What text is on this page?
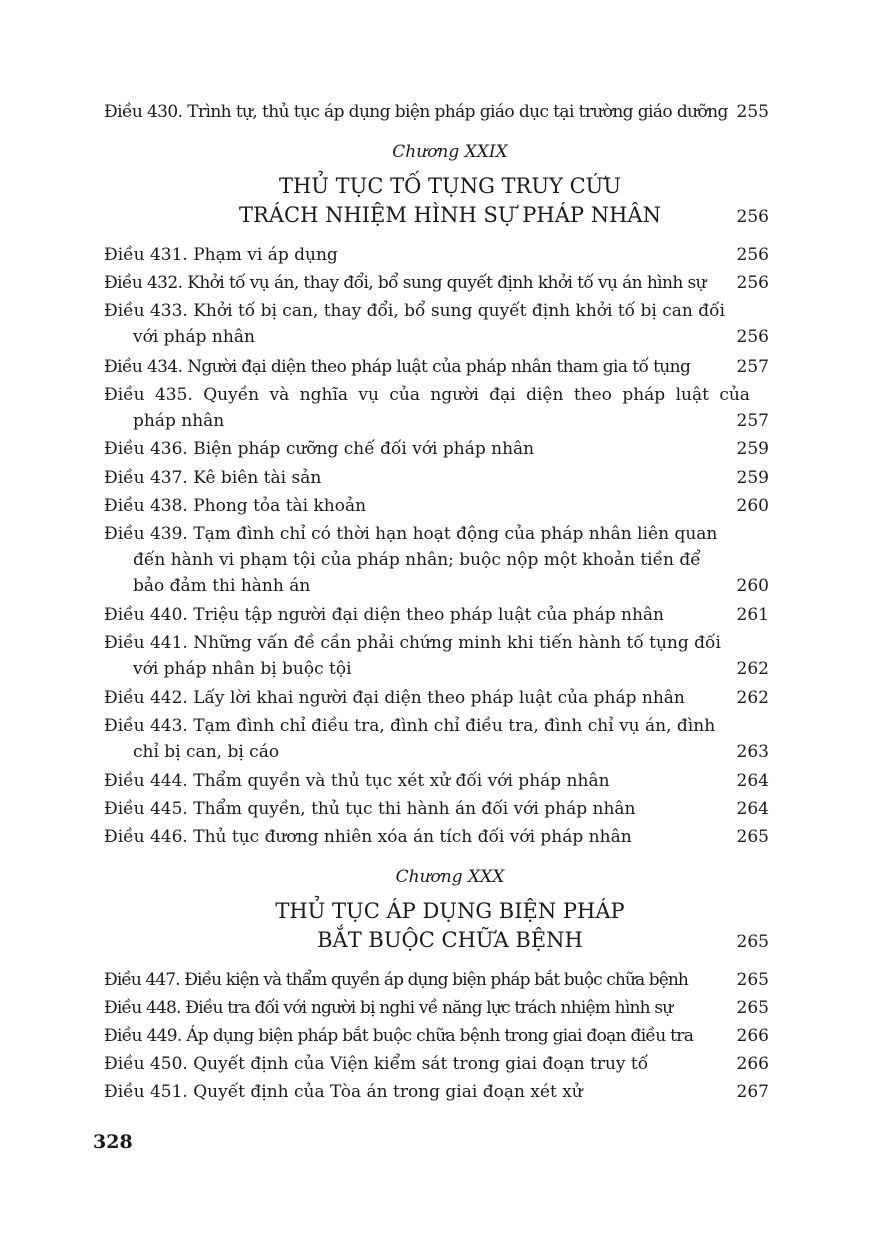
Điều 430. Trình tự, thủ tục áp dụng biện pháp giáo dục tại trường giáo dưỡng 255
Chương XXIX
THỦ TỤC TỐ TỤNG TRUY CỨU
TRÁCH NHIỆM HÌNH SỰ PHÁP NHÂN	256
Điều 431. Phạm vi áp dụng	256
Điều 432. Khởi tố vụ án, thay đổi, bổ sung quyết định khởi tố vụ án hình sự	256
Điều 433. Khởi tố bị can, thay đổi, bổ sung quyết định khởi tố bị can đối
với pháp nhân	256
Điều 434. Người đại diện theo pháp luật của pháp nhân tham gia tố tụng	257
Điều 435. Quyền và nghĩa vụ của người đại diện theo pháp luật của
pháp nhân	257
Điều 436. Biện pháp cưỡng chế đối với pháp nhân	259
Điều 437. Kê biên tài sản	259
Điều 438. Phong tỏa tài khoản	260
Điều 439. Tạm đình chỉ có thời hạn hoạt động của pháp nhân liên quan
đến hành vi phạm tội của pháp nhân; buộc nộp một khoản tiền để
bảo đảm thi hành án	260
Điều 440. Triệu tập người đại diện theo pháp luật của pháp nhân	261
Điều 441. Những vấn đề cần phải chứng minh khi tiến hành tố tụng đối
với pháp nhân bị buộc tội	262
Điều 442. Lấy lời khai người đại diện theo pháp luật của pháp nhân	262
Điều 443. Tạm đình chỉ điều tra, đình chỉ điều tra, đình chỉ vụ án, đình
chỉ bị can, bị cáo	263
Điều 444. Thẩm quyền và thủ tục xét xử đối với pháp nhân	264
Điều 445. Thẩm quyền, thủ tục thi hành án đối với pháp nhân	264
Điều 446. Thủ tục đương nhiên xóa án tích đối với pháp nhân	265
Chương XXX
THỦ TỤC ÁP DỤNG BIỆN PHÁP
BẮT BUỘC CHỮA BỆNH	265
Điều 447. Điều kiện và thẩm quyền áp dụng biện pháp bắt buộc chữa bệnh	265
Điều 448. Điều tra đối với người bị nghi về năng lực trách nhiệm hình sự	265
Điều 449. Áp dụng biện pháp bắt buộc chữa bệnh trong giai đoạn điều tra	266
Điều 450. Quyết định của Viện kiểm sát trong giai đoạn truy tố	266
Điều 451. Quyết định của Tòa án trong giai đoạn xét xử	267
328
